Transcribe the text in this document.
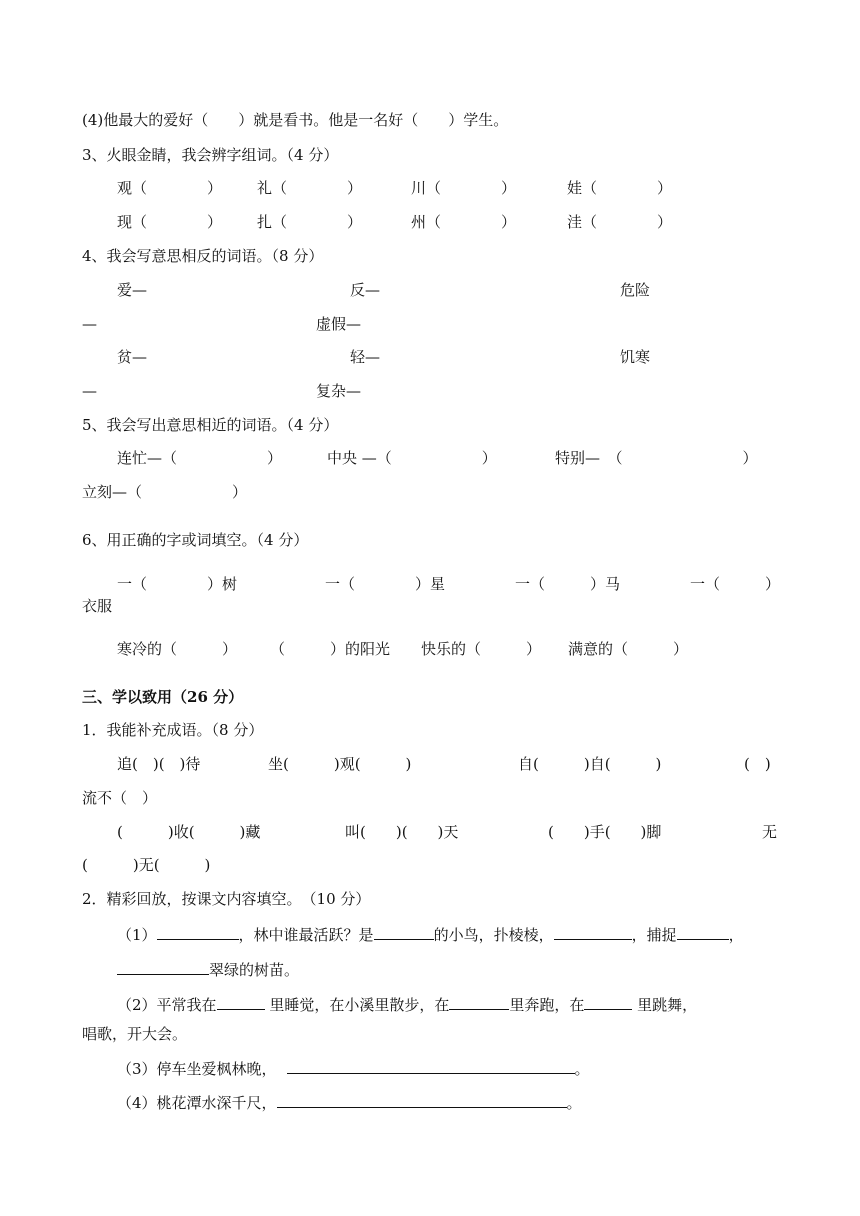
(4)他最大的爱好（　　）就是看书。他是一名好（　　）学生。
3、火眼金睛，我会辨字组词。（4 分）
观（　　　　） 礼（　　　　）	川（　　　　）	娃（　　　　）
现（　　　　） 扎（　　　　）	州（　　　　）	洼（　　　　）
4、我会写意思相反的词语。（8 分）
爱—	反—	危险
—	虚假—
贫—	轻—	饥寒
—	复杂—
5、我会写出意思相近的词语。（4 分）
连忙—（　　　　　　）	中央 —（　　　　　　）	特别—　（　　　　　　　　）
立刻—（　　　　　　）
6、用正确的字或词填空。（4 分）
一（　　　　）树	一（　　　　）星	一（　　　）马	一（　　　）
衣服
寒冷的（　　　） （　　　）的阳光 快乐的（　　　） 满意的（　　　）
三、学以致用（26 分）
1．我能补充成语。（8 分）
追(　)(　)待	坐(　　　)观(　　　)	自(　　　)自(　　　)	(　)
流不（　）
(　　　)收(　　　)藏	叫(　　)(　　)天	(　　)手(　　)脚	无
(　　　)无(　　　)
2．精彩回放，按课文内容填空。　（10 分）
（1）	，林中谁最活跃？是	的小鸟，扑棱棱，	，捕捉	，
翠绿的树苗。
（2）平常我在	里睡觉，在小溪里散步，在	里奔跑，在	里跳舞，
唱歌，开大会。
（3）停车坐爱枫林晚，	。
（4）桃花潭水深千尺，	。
